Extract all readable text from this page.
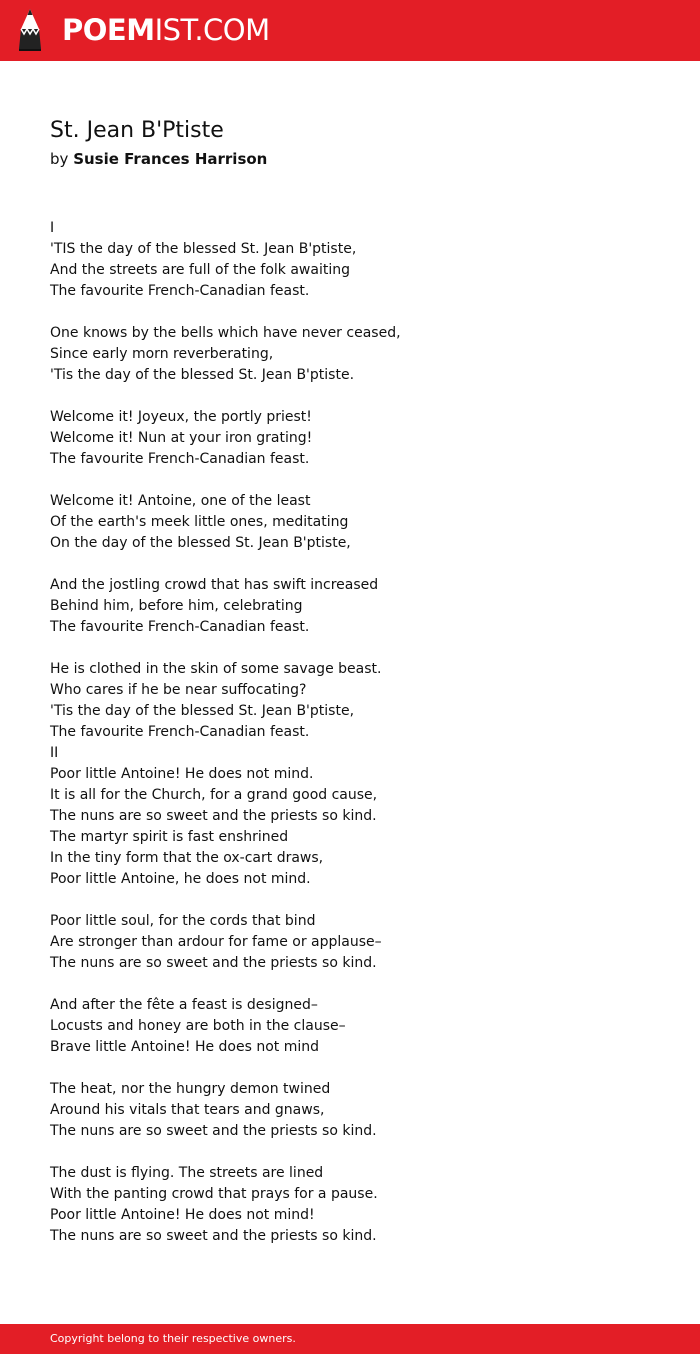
POEMIST.COM
St. Jean B'Ptiste
by Susie Frances Harrison
I
'TIS the day of the blessed St. Jean B'ptiste,
And the streets are full of the folk awaiting
The favourite French-Canadian feast.
One knows by the bells which have never ceased,
Since early morn reverberating,
'Tis the day of the blessed St. Jean B'ptiste.
Welcome it! Joyeux, the portly priest!
Welcome it! Nun at your iron grating!
The favourite French-Canadian feast.
Welcome it! Antoine, one of the least
Of the earth's meek little ones, meditating
On the day of the blessed St. Jean B'ptiste,
And the jostling crowd that has swift increased
Behind him, before him, celebrating
The favourite French-Canadian feast.
He is clothed in the skin of some savage beast.
Who cares if he be near suffocating?
'Tis the day of the blessed St. Jean B'ptiste,
The favourite French-Canadian feast.
II
Poor little Antoine! He does not mind.
It is all for the Church, for a grand good cause,
The nuns are so sweet and the priests so kind.
The martyr spirit is fast enshrined
In the tiny form that the ox-cart draws,
Poor little Antoine, he does not mind.
Poor little soul, for the cords that bind
Are stronger than ardour for fame or applause–
The nuns are so sweet and the priests so kind.
And after the fête a feast is designed–
Locusts and honey are both in the clause–
Brave little Antoine! He does not mind
The heat, nor the hungry demon twined
Around his vitals that tears and gnaws,
The nuns are so sweet and the priests so kind.
The dust is flying. The streets are lined
With the panting crowd that prays for a pause.
Poor little Antoine! He does not mind!
The nuns are so sweet and the priests so kind.
Copyright belong to their respective owners.
